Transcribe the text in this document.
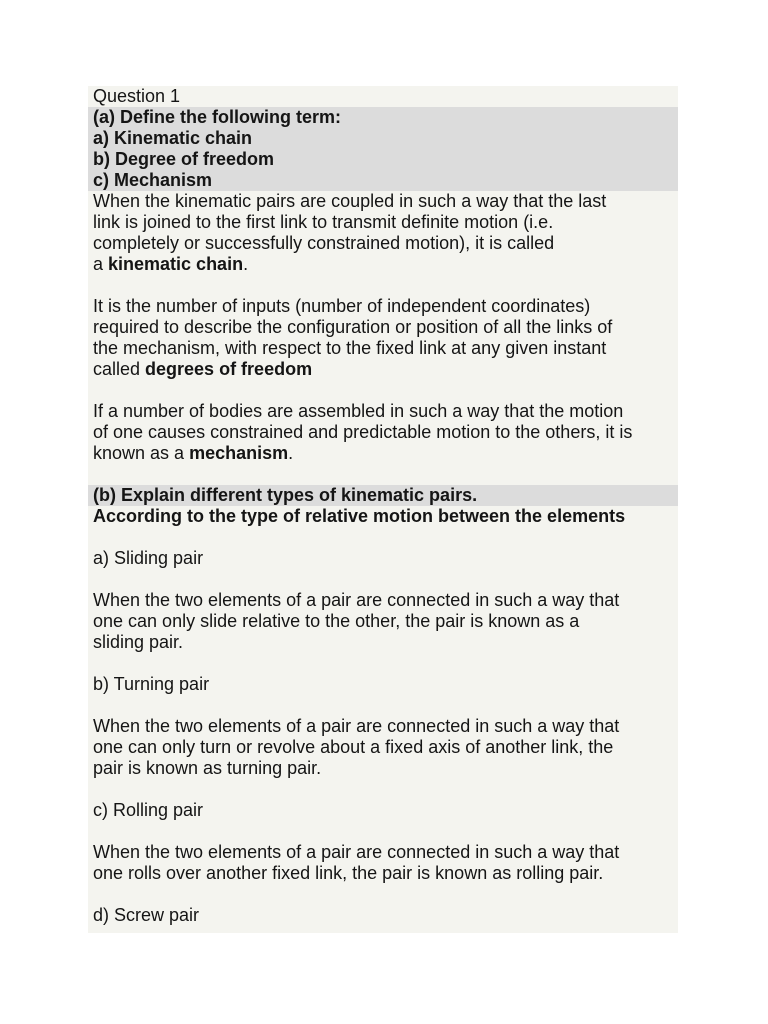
Question 1
(a) Define the following term:
a) Kinematic chain
b) Degree of freedom
c) Mechanism
When the kinematic pairs are coupled in such a way that the last
link is joined to the first link to transmit definite motion (i.e.
completely or successfully constrained motion), it is called
a kinematic chain.
It is the number of inputs (number of independent coordinates)
required to describe the configuration or position of all the links of
the mechanism, with respect to the fixed link at any given instant
called degrees of freedom
If a number of bodies are assembled in such a way that the motion
of one causes constrained and predictable motion to the others, it is
known as a mechanism.
(b) Explain different types of kinematic pairs.
According to the type of relative motion between the elements
a) Sliding pair
When the two elements of a pair are connected in such a way that
one can only slide relative to the other, the pair is known as a
sliding pair.
b) Turning pair
When the two elements of a pair are connected in such a way that
one can only turn or revolve about a fixed axis of another link, the
pair is known as turning pair.
c) Rolling pair
When the two elements of a pair are connected in such a way that
one rolls over another fixed link, the pair is known as rolling pair.
d) Screw pair
